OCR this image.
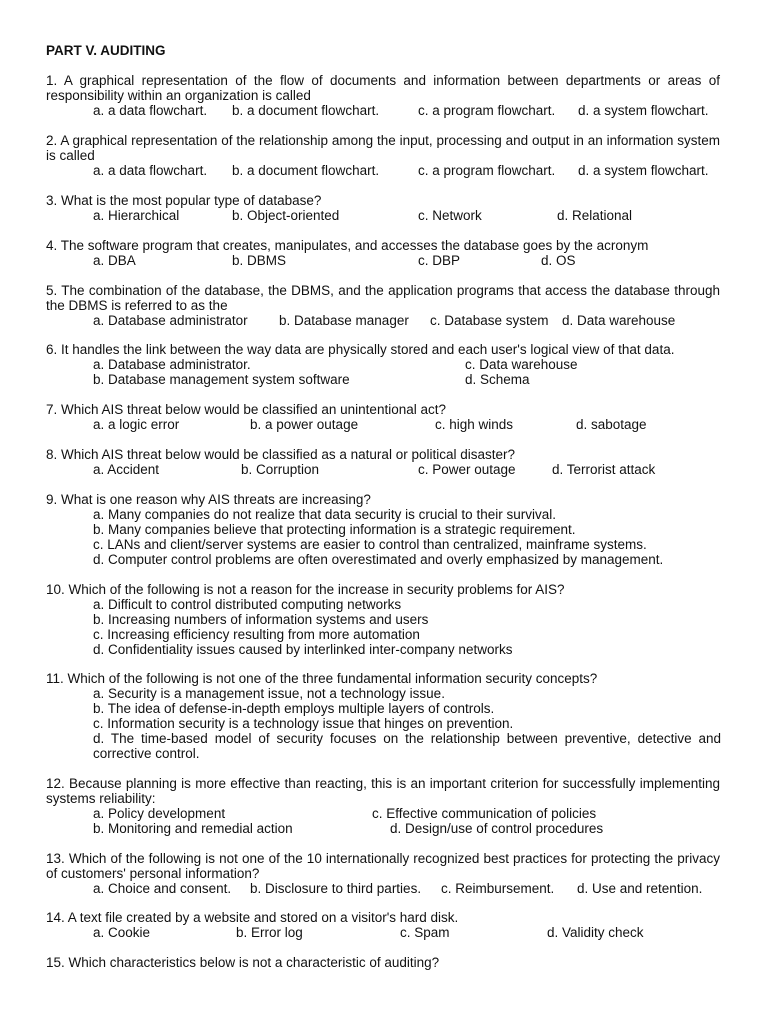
PART V. AUDITING
1. A graphical representation of the flow of documents and information between departments or areas of responsibility within an organization is called
a. a data flowchart. b. a document flowchart.	c. a program flowchart. d. a system flowchart.
2. A graphical representation of the relationship among the input, processing and output in an information system is called
a. a data flowchart. b. a document flowchart.	c. a program flowchart. d. a system flowchart.
3. What is the most popular type of database?
a. Hierarchical	b. Object-oriented	c. Network	d. Relational
4. The software program that creates, manipulates, and accesses the database goes by the acronym
a. DBA	b. DBMS	c. DBP	d. OS
5. The combination of the database, the DBMS, and the application programs that access the database through the DBMS is referred to as the
a. Database administrator b. Database manager c. Database system d. Data warehouse
6. It handles the link between the way data are physically stored and each user's logical view of that data.
a. Database administrator.	c. Data warehouse
b. Database management system software	d. Schema
7. Which AIS threat below would be classified an unintentional act?
a. a logic error	b. a power outage	c. high winds	d. sabotage
8. Which AIS threat below would be classified as a natural or political disaster?
a. Accident	b. Corruption	c. Power outage	d. Terrorist attack
9. What is one reason why AIS threats are increasing?
a. Many companies do not realize that data security is crucial to their survival.
b. Many companies believe that protecting information is a strategic requirement.
c. LANs and client/server systems are easier to control than centralized, mainframe systems.
d. Computer control problems are often overestimated and overly emphasized by management.
10. Which of the following is not a reason for the increase in security problems for AIS?
a. Difficult to control distributed computing networks
b. Increasing numbers of information systems and users
c. Increasing efficiency resulting from more automation
d. Confidentiality issues caused by interlinked inter-company networks
11. Which of the following is not one of the three fundamental information security concepts?
a. Security is a management issue, not a technology issue.
b. The idea of defense-in-depth employs multiple layers of controls.
c. Information security is a technology issue that hinges on prevention.
d. The time-based model of security focuses on the relationship between preventive, detective and corrective control.
12. Because planning is more effective than reacting, this is an important criterion for successfully implementing systems reliability:
a. Policy development	c. Effective communication of policies
b. Monitoring and remedial action	d. Design/use of control procedures
13. Which of the following is not one of the 10 internationally recognized best practices for protecting the privacy of customers' personal information?
a. Choice and consent. b. Disclosure to third parties. c. Reimbursement. d. Use and retention.
14. A text file created by a website and stored on a visitor's hard disk.
a. Cookie	b. Error log	c. Spam	d. Validity check
15. Which characteristics below is not a characteristic of auditing?
